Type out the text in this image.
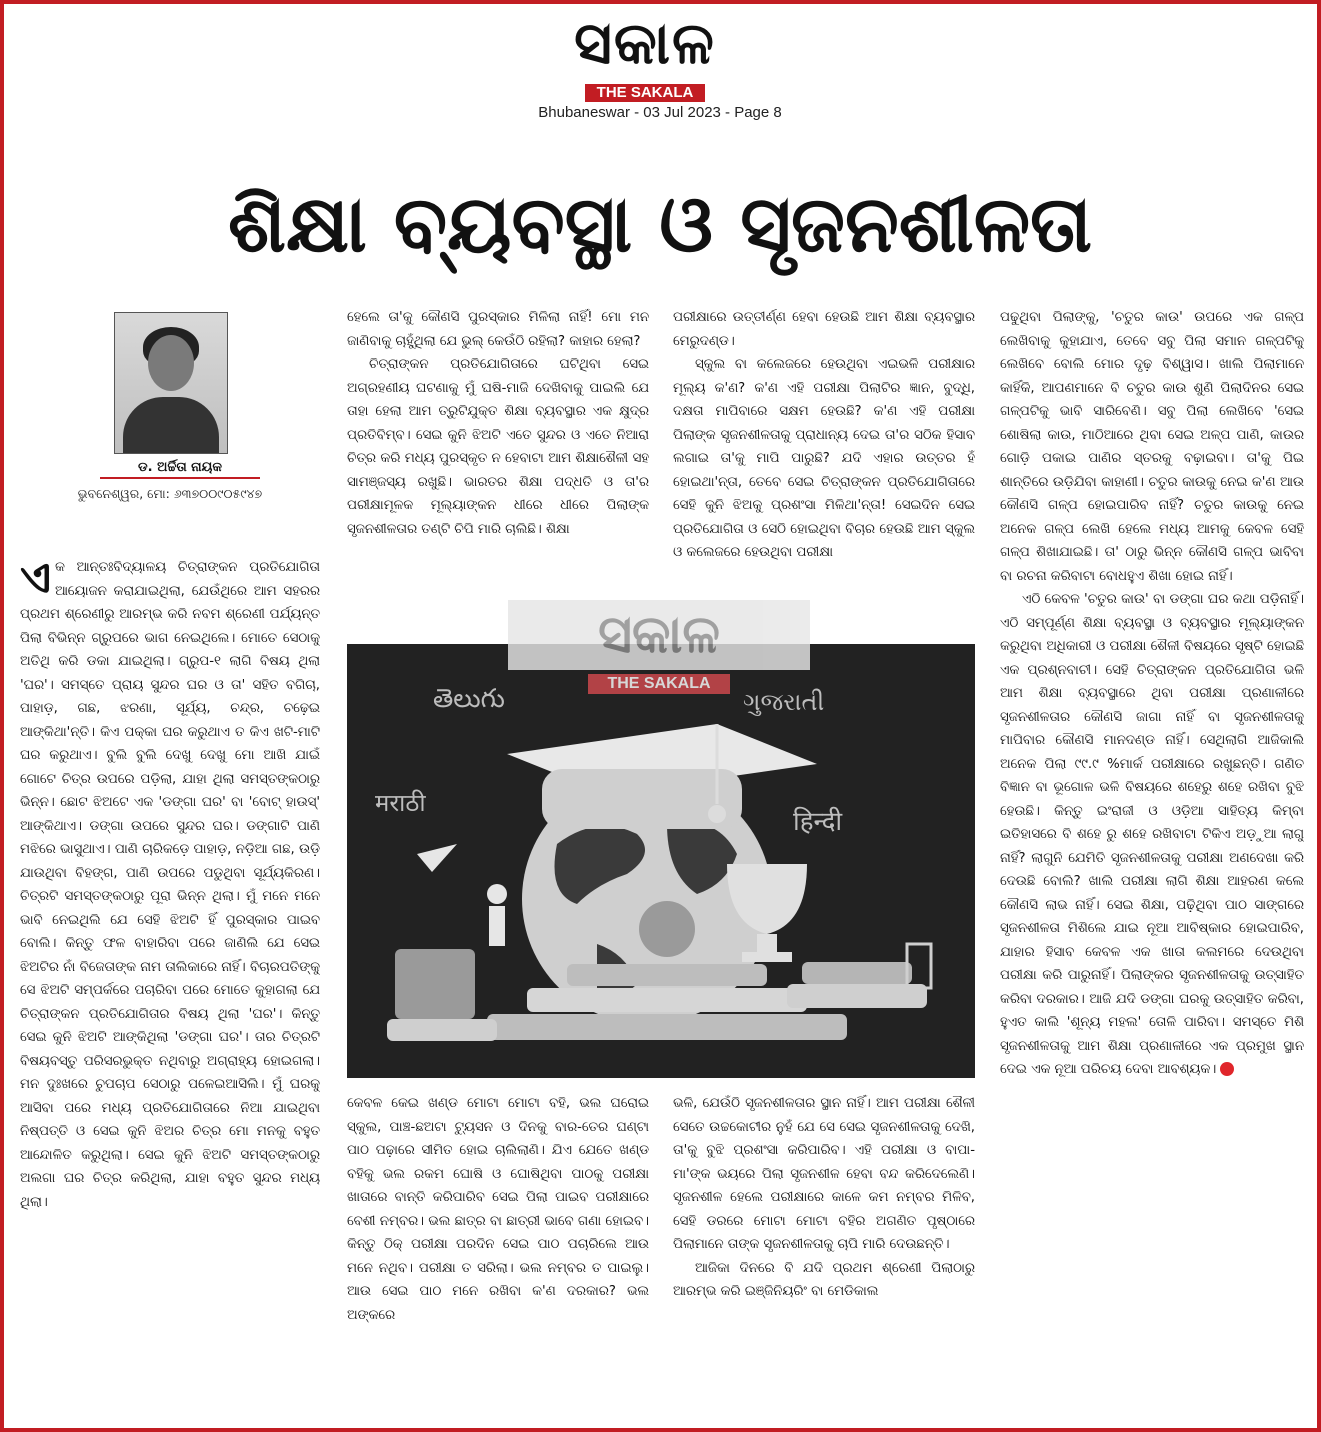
ସକାଳ
THE SAKALA
Bhubaneswar - 03 Jul 2023 - Page 8
ଶିକ୍ଷା ବ୍ୟବସ୍ଥା ଓ ସୃଜନଶୀଳତା
ଡ. ଅର୍ଚ୍ଚିତା ନାୟକ
ଭୁବନେଶ୍ୱର, ମୋ: ୬୩୭୦୦୯୦୫୯୪୭

ଏକ ଆନ୍ତଃବିଦ୍ୟାଳୟ ଚିତ୍ରାଙ୍କନ ପ୍ରତିଯୋଗିତା ଆୟୋଜନ କରାଯାଇଥିଲା, ଯେଉଁଥିରେ ଆମ ସହରର ପ୍ରଥମ ଶ୍ରେଣୀରୁ ଆରମ୍ଭ କରି ନବମ ଶ୍ରେଣୀ ପର୍ଯ୍ୟନ୍ତ ପିଲା ବିଭିନ୍ନ ଗ୍ରୁପରେ ଭାଗ ନେଇଥିଲେ। ମୋତେ ସେଠାକୁ ଅତିଥି କରି ଡକା ଯାଇଥିଲା। ଗ୍ରୁପ-୧ ଲାଗି ବିଷୟ ଥିଲା 'ଘର'। ସମସ୍ତେ ପ୍ରାୟ ସୁନ୍ଦର ଘର ଓ ତା' ସହିତ ବଗିଚା, ପାହାଡ଼, ଗଛ, ଝରଣା, ସୂର୍ଯ୍ୟ, ଚନ୍ଦ୍ର, ଚଢ଼େଇ ଆଙ୍କିଥା'ନ୍ତି। କିଏ ପକ୍କା ଘର କରୁଥାଏ ତ କିଏ ଖଟି-ମାଟି ଘର କରୁଥାଏ। ବୁଲି ବୁଲି ଦେଖୁ ଦେଖୁ ମୋ ଆଖି ଯାଇଁ ଗୋଟେ ଚିତ୍ର ଉପରେ ପଡ଼ିଲା, ଯାହା ଥିଲା ସମସ୍ତଙ୍କଠାରୁ ଭିନ୍ନ। ଛୋଟ ଝିଅଟେ ଏକ 'ଡଙ୍ଗା ଘର' ବା 'ବୋଟ୍ ହାଉସ୍' ଆଙ୍କିଥାଏ। ଡଙ୍ଗା ଉପରେ ସୁନ୍ଦର ଘର। ଡଙ୍ଗାଟି ପାଣି ମଝିରେ ଭାସୁଥାଏ। ପାଣି ଚାରିକଡ଼େ ପାହାଡ଼, ନଡ଼ିଆ ଗଛ, ଉଡ଼ି ଯାଉଥିବା ବିହଙ୍ଗ, ପାଣି ଉପରେ ପଡୁଥିବା ସୂର୍ଯ୍ୟକିରଣ। ଚିତ୍ରଟି ସମସ୍ତଙ୍କଠାରୁ ପୂରା ଭିନ୍ନ ଥିଲା। ମୁଁ ମନେ ମନେ ଭାବି ନେଇଥିଲି ଯେ ସେହି ଝିଅଟି ହିଁ ପୁରସ୍କାର ପାଇବ ବୋଲି। କିନ୍ତୁ ଫଳ ବାହାରିବା ପରେ ଜାଣିଲି ଯେ ସେଇ ଝିଅଟିର ନାଁ ବିଜେତାଙ୍କ ନାମ ତାଲିକାରେ ନାହିଁ। ବିଚାରପତିଙ୍କୁ ସେ ଝିଅଟି ସମ୍ପର୍କରେ ପଚାରିବା ପରେ ମୋତେ କୁହାଗଲା ଯେ ଚିତ୍ରାଙ୍କନ ପ୍ରତିଯୋଗିତାର ବିଷୟ ଥିଲା 'ଘର'। କିନ୍ତୁ ସେଇ କୁନି ଝିଅଟି ଆଙ୍କିଥିଲା 'ଡଙ୍ଗା ଘର'। ତାର ଚିତ୍ରଟି ବିଷୟବସ୍ତୁ ପରିସରଭୁକ୍ତ ନଥିବାରୁ ଅଗ୍ରାହ୍ୟ ହୋଇଗଲା। ମନ ଦୁଃଖରେ ଚୁପଚାପ ସେଠାରୁ ପଳେଇଆସିଲି। ମୁଁ ଘରକୁ ଆସିବା ପରେ ମଧ୍ୟ ପ୍ରତିଯୋଗିତାରେ ନିଆ ଯାଇଥିବା ନିଷ୍ପତ୍ତି ଓ ସେଇ କୁନି ଝିଅର ଚିତ୍ର ମୋ ମନକୁ ବହୁତ ଆନ୍ଦୋଳିତ କରୁଥିଲା। ସେଇ କୁନି ଝିଅଟି ସମସ୍ତଙ୍କଠାରୁ ଅଲଗା ଘର ଚିତ୍ର କରିଥିଲା, ଯାହା ବହୁତ ସୁନ୍ଦର ମଧ୍ୟ ଥିଲା।

ହେଲେ ତା'କୁ କୌଣସି ପୁରସ୍କାର ମିଳିଲା ନାହିଁ! ମୋ ମନ ଜାଣିବାକୁ ଚାହୁଁଥିଲା ଯେ ଭୁଲ୍ କେଉଁଠି ରହିଲା? କାହାର ହେଲା?

ଚିତ୍ରାଙ୍କନ ପ୍ରତିଯୋଗିତାରେ ଘଟିଥିବା ସେଇ ଅଗ୍ରହଣୀୟ ଘଟଣାକୁ ମୁଁ ଘଷି-ମାଜି ଦେଖିବାକୁ ପାଇଲି ଯେ ତାହା ହେଲା ଆମ ତ୍ରୁଟିଯୁକ୍ତ ଶିକ୍ଷା ବ୍ୟବସ୍ଥାର ଏକ କ୍ଷୁଦ୍ର ପ୍ରତିବିମ୍ବ। ସେଇ କୁନି ଝିଅଟି ଏତେ ସୁନ୍ଦର ଓ ଏତେ ନିଆରା ଚିତ୍ର କରି ମଧ୍ୟ ପୁରସ୍କୃତ ନ ହେବାଟା ଆମ ଶିକ୍ଷାଶୈଳୀ ସହ ସାମଞ୍ଜସ୍ୟ ରଖୁଛି। ଭାରତର ଶିକ୍ଷା ପଦ୍ଧତି ଓ ତା'ର ପରୀକ୍ଷାମୂଳକ ମୂଲ୍ୟାଙ୍କନ ଧୀରେ ଧୀରେ ପିଲାଙ୍କ ସୃଜନଶୀଳତାର ତଣ୍ଟି ଚିପି ମାରି ଚାଲିଛି। ଶିକ୍ଷା

ପରୀକ୍ଷାରେ ଉତ୍ତୀର୍ଣ୍ଣ ହେବା ହେଉଛି ଆମ ଶିକ୍ଷା ବ୍ୟବସ୍ଥାର ମେରୁଦଣ୍ଡ।

ସ୍କୁଲ ବା କଲେଜରେ ହେଉଥିବା ଏଇଭଳି ପରୀକ୍ଷାର ମୂଲ୍ୟ କ'ଣ? କ'ଣ ଏହି ପରୀକ୍ଷା ପିଲାଟିର ଜ୍ଞାନ, ବୁଦ୍ଧି, ଦକ୍ଷତା ମାପିବାରେ ସକ୍ଷମ ହେଉଛି? କ'ଣ ଏହି ପରୀକ୍ଷା ପିଲାଙ୍କ ସୃଜନଶୀଳତାକୁ ପ୍ରାଧାନ୍ୟ ଦେଇ ତା'ର ସଠିକ ହିସାବ ଲଗାଇ ତା'କୁ ମାପି ପାରୁଛି? ଯଦି ଏହାର ଉତ୍ତର ହଁ ହୋଇଥା'ନ୍ତା, ତେବେ ସେଇ ଚିତ୍ରାଙ୍କନ ପ୍ରତିଯୋଗିତାରେ ସେହି କୁନି ଝିଅକୁ ପ୍ରଶଂସା ମିଳିଥା'ନ୍ତା! ସେଇଦିନ ସେଇ ପ୍ରତିଯୋଗିତା ଓ ସେଠି ହୋଇଥିବା ବିଚାର ହେଉଛି ଆମ ସ୍କୁଲ ଓ କଲେଜରେ ହେଉଥିବା ପରୀକ୍ଷା

తెలుగు	ગુજરાતી
मराठी
हिन्दी
ସକାଳ
THE SAKALA

କେବଳ କେଇ ଖଣ୍ଡ ମୋଟା ମୋଟା ବହି, ଭଲ ଘରୋଇ ସ୍କୁଲ, ପାଞ୍ଚ-ଛଅଟା ଟ୍ୟୁସନ ଓ ଦିନକୁ ବାର-ତେର ଘଣ୍ଟା ପାଠ ପଢ଼ାରେ ସୀମିତ ହୋଇ ଚାଲିଲାଣି। ଯିଏ ଯେତେ ଖଣ୍ଡ ବହିକୁ ଭଲ ରକମ ଘୋଷି ଓ ଘୋଷିଥିବା ପାଠକୁ ପରୀକ୍ଷା ଖାତାରେ ବାନ୍ତି କରିପାରିବ ସେଇ ପିଲା ପାଇବ ପରୀକ୍ଷାରେ ବେଶୀ ନମ୍ବର। ଭଲ ଛାତ୍ର ବା ଛାତ୍ରୀ ଭାବେ ଗଣା ହୋଇବ। କିନ୍ତୁ ଠିକ୍ ପରୀକ୍ଷା ପରଦିନ ସେଇ ପାଠ ପଚାରିଲେ ଆଉ ମନେ ନଥିବ। ପରୀକ୍ଷା ତ ସରିଲା। ଭଲ ନମ୍ବର ତ ପାଇଲୁ। ଆଉ ସେଇ ପାଠ ମନେ ରଖିବା କ'ଣ ଦରକାର? ଭଲ ଅଙ୍କରେ

ଭଳି, ଯେଉଁଠି ସୃଜନଶୀଳତାର ସ୍ଥାନ ନାହିଁ। ଆମ ପରୀକ୍ଷା ଶୈଳୀ ସେତେ ଉଚ୍ଚକୋଟୀର ନୁହଁ ଯେ ସେ ସେଇ ସୃଜନଶୀଳତାକୁ ଦେଖି, ତା'କୁ ବୁଝି ପ୍ରଶଂସା କରିପାରିବ। ଏହି ପରୀକ୍ଷା ଓ ବାପା-ମା'ଙ୍କ ଭୟରେ ପିଲା ସୃଜନଶୀଳ ହେବା ବନ୍ଦ କରିଦେଲେଣି। ସୃଜନଶୀଳ ହେଲେ ପରୀକ୍ଷାରେ କାଳେ କମ ନମ୍ବର ମିଳିବ, ସେହି ଡରରେ ମୋଟା ମୋଟା ବହିର ଅଗଣିତ ପୃଷ୍ଠାରେ ପିଲାମାନେ ତାଙ୍କ ସୃଜନଶୀଳତାକୁ ଚାପି ମାରି ଦେଉଛନ୍ତି।

ଆଜିକା ଦିନରେ ବି ଯଦି ପ୍ରଥମ ଶ୍ରେଣୀ ପିଲାଠାରୁ ଆରମ୍ଭ କରି ଇଞ୍ଜିନିୟରିଂ ବା ମେଡିକାଲ

ପଢୁଥିବା ପିଲାଙ୍କୁ, 'ଚତୁର କାଉ' ଉପରେ ଏକ ଗଳ୍ପ ଲେଖିବାକୁ କୁହାଯାଏ, ତେବେ ସବୁ ପିଲା ସମାନ ଗଳ୍ପଟିକୁ ଲେଖିବେ ବୋଲି ମୋର ଦୃଢ଼ ବିଶ୍ୱାସ। ଖାଲି ପିଲାମାନେ କାହିଁକି, ଆପଣମାନେ ବି ଚତୁର କାଉ ଶୁଣି ପିଲାଦିନର ସେଇ ଗଳ୍ପଟିକୁ ଭାବି ସାରିବେଣି। ସବୁ ପିଲା ଲେଖିବେ 'ସେଇ ଶୋଷିଲା କାଉ, ମାଠିଆରେ ଥିବା ସେଇ ଅଳ୍ପ ପାଣି, କାଉର ଗୋଡ଼ି ପକାଇ ପାଣିର ସ୍ତରକୁ ବଢ଼ାଇବା। ତା'କୁ ପିଇ ଶାନ୍ତିରେ ଉଡ଼ିଯିବା କାହାଣୀ। ଚତୁର କାଉକୁ ନେଇ କ'ଣ ଆଉ କୌଣସି ଗଳ୍ପ ହୋଇପାରିବ ନାହିଁ? ଚତୁର କାଉକୁ ନେଇ ଅନେକ ଗଳ୍ପ ଲେଖି ହେଲେ ମଧ୍ୟ ଆମକୁ କେବଳ ସେହି ଗଳ୍ପ ଶିଖାଯାଇଛି। ତା' ଠାରୁ ଭିନ୍ନ କୌଣସି ଗଳ୍ପ ଭାବିବା ବା ରଚନା କରିବାଟା ବୋଧହୁଏ ଶିଖା ହୋଇ ନାହିଁ।

ଏଠି କେବଳ 'ଚତୁର କାଉ' ବା ଡଙ୍ଗା ଘର କଥା ପଡ଼ିନାହିଁ। ଏଠି ସମ୍ପୂର୍ଣ୍ଣ ଶିକ୍ଷା ବ୍ୟବସ୍ଥା ଓ ବ୍ୟବସ୍ଥାର ମୂଲ୍ୟାଙ୍କନ କରୁଥିବା ଅଧିକାରୀ ଓ ପରୀକ୍ଷା ଶୈଳୀ ବିଷୟରେ ସୃଷ୍ଟି ହୋଇଛି ଏକ ପ୍ରଶ୍ନବାଚୀ। ସେହି ଚିତ୍ରାଙ୍କନ ପ୍ରତିଯୋଗିତା ଭଳି ଆମ ଶିକ୍ଷା ବ୍ୟବସ୍ଥାରେ ଥିବା ପରୀକ୍ଷା ପ୍ରଣାଳୀରେ ସୃଜନଶୀଳତାର କୌଣସି ଜାଗା ନାହିଁ ବା ସୃଜନଶୀଳତାକୁ ମାପିବାର କୌଣସି ମାନଦଣ୍ଡ ନାହିଁ। ସେଥିଲାଗି ଆଜିକାଲି ଅନେକ ପିଲା ୯୯.୯ %ମାର୍କ ପରୀକ୍ଷାରେ ରଖୁଛନ୍ତି। ଗଣିତ ବିଜ୍ଞାନ ବା ଭୂଗୋଳ ଭଳି ବିଷୟରେ ଶହେରୁ ଶହେ ରଖିବା ବୁଝି ହେଉଛି। କିନ୍ତୁ ଇଂରାଜୀ ଓ ଓଡ଼ିଆ ସାହିତ୍ୟ କିମ୍ବା ଇତିହାସରେ ବି ଶହେ ରୁ ଶହେ ରଖିବାଟା ଟିକିଏ ଅଡ଼ୁଆ ଲାଗୁ ନାହିଁ? ଲାଗୁନି ଯେମିତି ସୃଜନଶୀଳତାକୁ ପରୀକ୍ଷା ଅଣଦେଖା କରି ଦେଉଛି ବୋଲି? ଖାଲି ପରୀକ୍ଷା ଲାଗି ଶିକ୍ଷା ଆହରଣ କଲେ କୌଣସି ଲାଭ ନାହିଁ। ସେଇ ଶିକ୍ଷା, ପଢ଼ିଥିବା ପାଠ ସାଙ୍ଗରେ ସୃଜନଶୀଳତା ମିଶିଲେ ଯାଇ ନୂଆ ଆବିଷ୍କାର ହୋଇପାରିବ, ଯାହାର ହିସାବ କେବଳ ଏକ ଖାତା କଲମରେ ଦେଉଥିବା ପରୀକ୍ଷା କରି ପାରୁନାହିଁ। ପିଲାଙ୍କର ସୃଜନଶୀଳତାକୁ ଉତ୍ସାହିତ କରିବା ଦରକାର। ଆଜି ଯଦି ଡଙ୍ଗା ଘରକୁ ଉତ୍ସାହିତ କରିବା, ହୁଏତ କାଲି 'ଶୂନ୍ୟ ମହଲ' ତୋଳି ପାରିବା। ସମସ୍ତେ ମିଶି ସୃଜନଶୀଳତାକୁ ଆମ ଶିକ୍ଷା ପ୍ରଣାଳୀରେ ଏକ ପ୍ରମୁଖ ସ୍ଥାନ ଦେଇ ଏକ ନୂଆ ପରିଚୟ ଦେବା ଆବଶ୍ୟକ।
